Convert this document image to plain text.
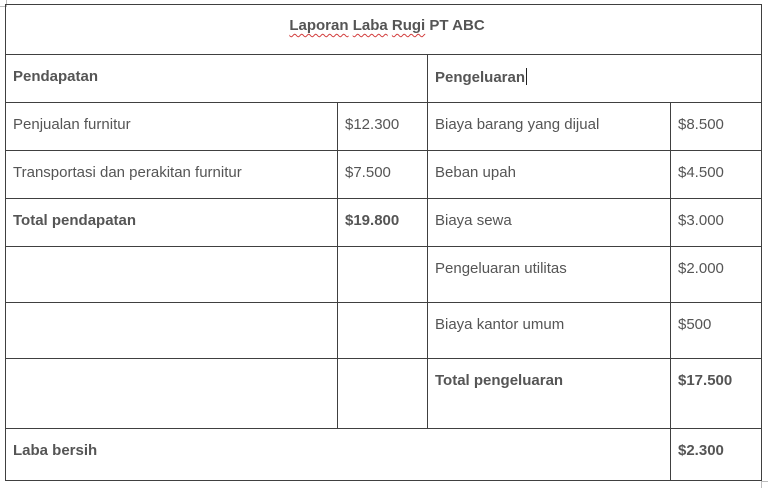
Laporan Laba Rugi PT ABC			
Pendapatan		Pengeluaran	
Penjualan furnitur	$12.300	Biaya barang yang dijual	$8.500
Transportasi dan perakitan furnitur	$7.500	Beban upah	$4.500
Total pendapatan	$19.800	Biaya sewa	$3.000
		Pengeluaran utilitas	$2.000
		Biaya kantor umum	$500
		Total pengeluaran	$17.500
Laba bersih			$2.300
